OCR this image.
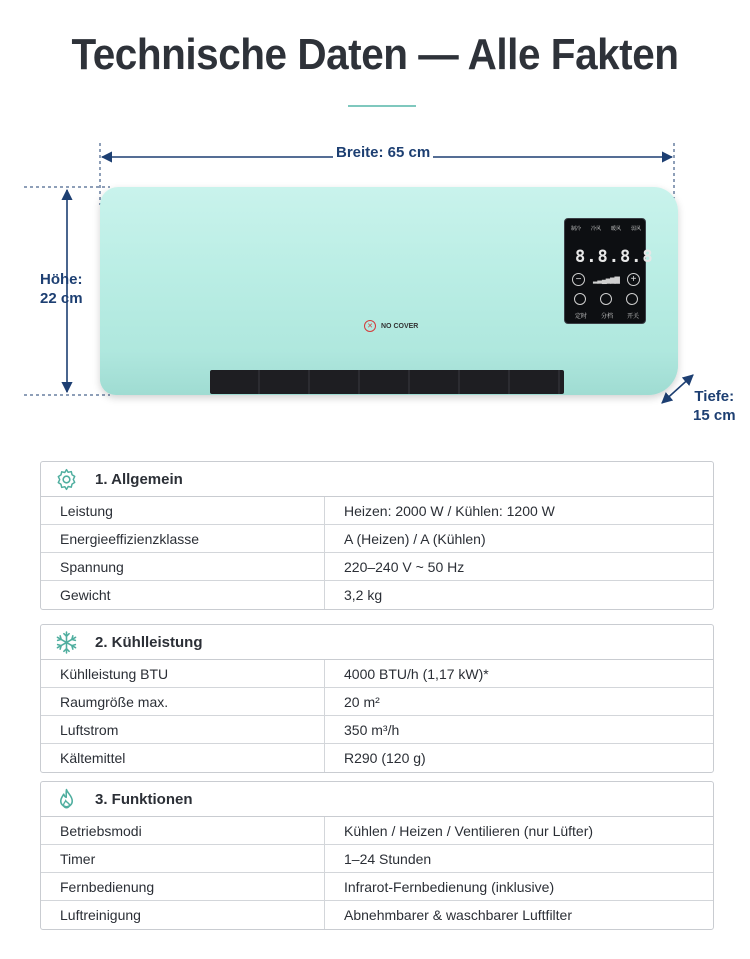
Technische Daten — Alle Fakten
Breite: 65 cm
Höhe:
22 cm
Tiefe:
15 cm
✕	NO COVER
制冷 冷风 暖风 弱风
8.8.8.8
−	▂▃▄▅▆▇	+
定时 分档 开关
1. Allgemein
Leistung	Heizen: 2000 W / Kühlen: 1200 W
Energieeffizienzklasse	A (Heizen) / A (Kühlen)
Spannung	220–240 V ~ 50 Hz
Gewicht	3,2 kg
2. Kühlleistung
Kühlleistung BTU	4000 BTU/h (1,17 kW)*
Raumgröße max.	20 m²
Luftstrom	350 m³/h
Kältemittel	R290 (120 g)
3. Funktionen
Betriebsmodi	Kühlen / Heizen / Ventilieren (nur Lüfter)
Timer	1–24 Stunden
Fernbedienung	Infrarot-Fernbedienung (inklusive)
Luftreinigung	Abnehmbarer & waschbarer Luftfilter
